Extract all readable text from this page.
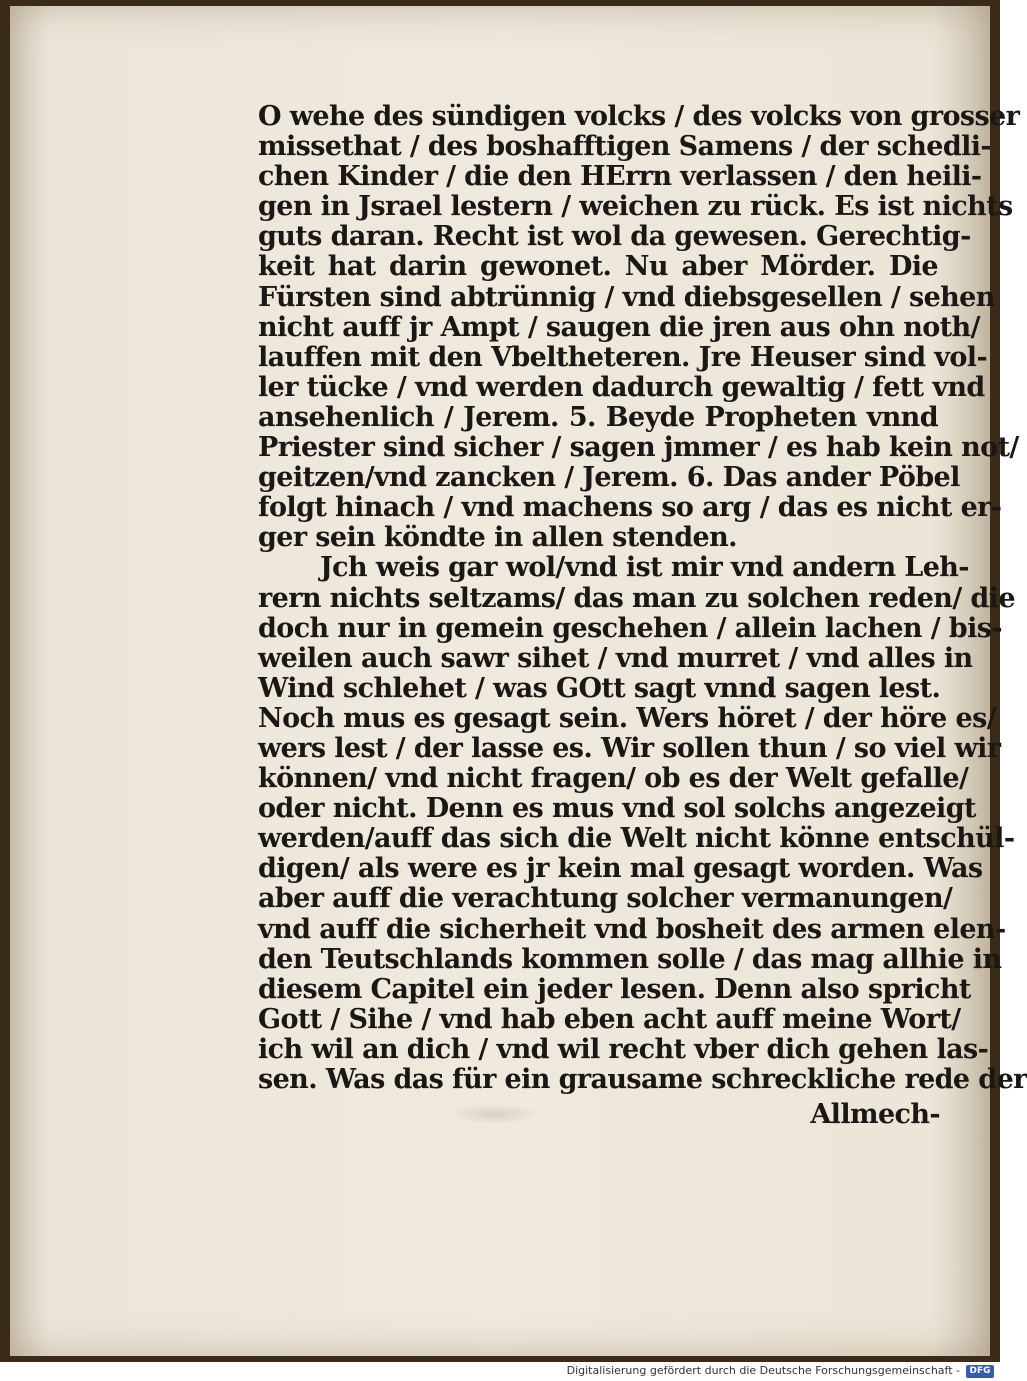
O wehe des sündigen volcks / des volcks von grosser
missethat / des boshafftigen Samens / der schedli-
chen Kinder / die den HErrn verlassen / den heili-
gen in Jsrael lestern / weichen zu rück. Es ist nichts
guts daran. Recht ist wol da gewesen. Gerechtig-
keit hat darin gewonet. Nu aber Mörder. Die
Fürsten sind abtrünnig / vnd diebsgesellen / sehen
nicht auff jr Ampt / saugen die jren aus ohn noth/
lauffen mit den Vbeltheteren. Jre Heuser sind vol-
ler tücke / vnd werden dadurch gewaltig / fett vnd
ansehenlich / Jerem. 5. Beyde Propheten vnnd
Priester sind sicher / sagen jmmer / es hab kein not/
geitzen/vnd zancken / Jerem. 6. Das ander Pöbel
folgt hinach / vnd machens so arg / das es nicht er-
ger sein köndte in allen stenden.
Jch weis gar wol/vnd ist mir vnd andern Leh-
rern nichts seltzams/ das man zu solchen reden/ die
doch nur in gemein geschehen / allein lachen / bis-
weilen auch sawr sihet / vnd murret / vnd alles in
Wind schlehet / was GOtt sagt vnnd sagen lest.
Noch mus es gesagt sein. Wers höret / der höre es/
wers lest / der lasse es. Wir sollen thun / so viel wir
können/ vnd nicht fragen/ ob es der Welt gefalle/
oder nicht. Denn es mus vnd sol solchs angezeigt
werden/auff das sich die Welt nicht könne entschül-
digen/ als were es jr kein mal gesagt worden. Was
aber auff die verachtung solcher vermanungen/
vnd auff die sicherheit vnd bosheit des armen elen-
den Teutschlands kommen solle / das mag allhie in
diesem Capitel ein jeder lesen. Denn also spricht
Gott / Sihe / vnd hab eben acht auff meine Wort/
ich wil an dich / vnd wil recht vber dich gehen las-
sen. Was das für ein grausame schreckliche rede der
Allmech-
Digitalisierung gefördert durch die Deutsche Forschungsgemeinschaft -	DFG
